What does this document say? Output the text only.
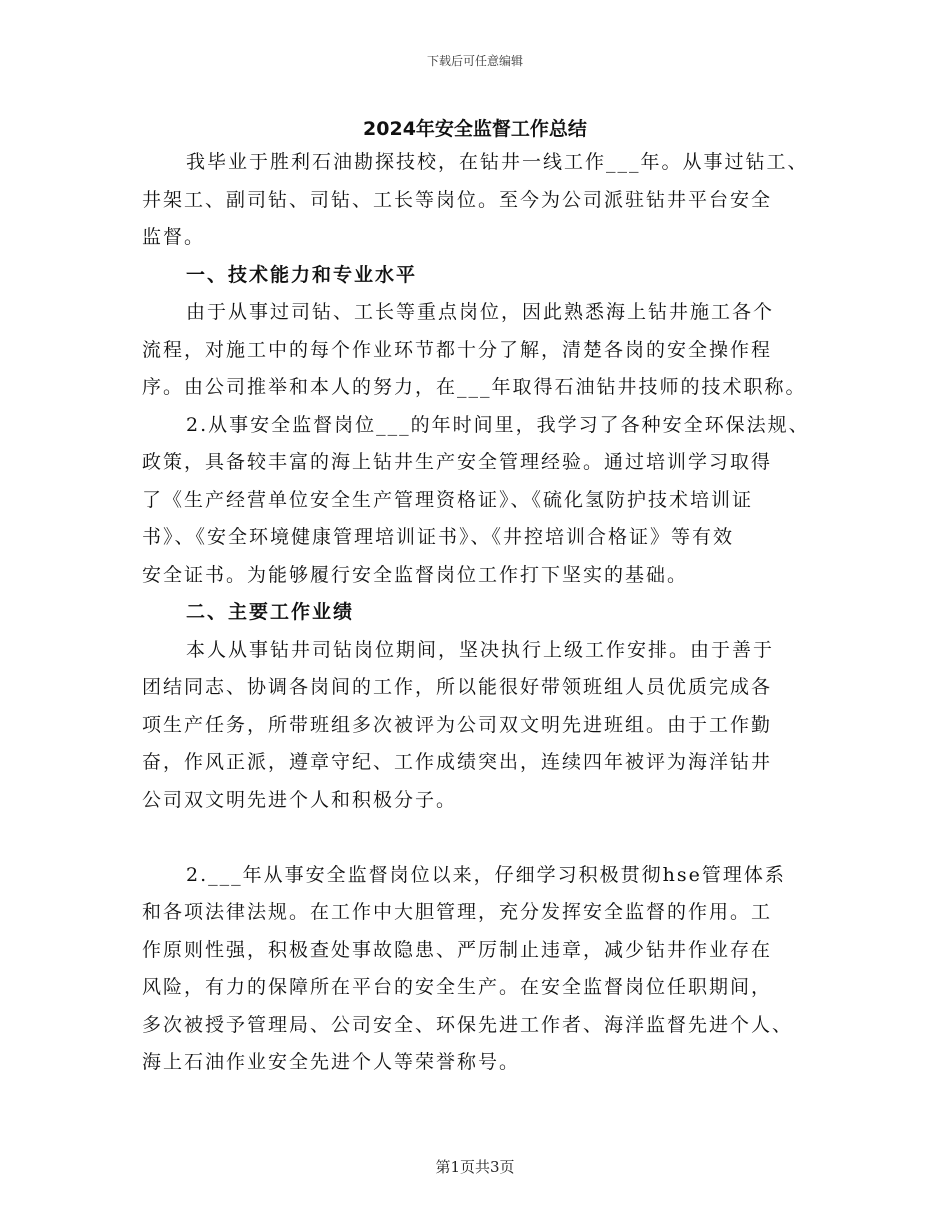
下载后可任意编辑
2024年安全监督工作总结
我毕业于胜利石油勘探技校，在钻井一线工作___年。从事过钻工、
井架工、副司钻、司钻、工长等岗位。至今为公司派驻钻井平台安全
监督。
一、技术能力和专业水平
由于从事过司钻、工长等重点岗位，因此熟悉海上钻井施工各个
流程，对施工中的每个作业环节都十分了解，清楚各岗的安全操作程
序。由公司推举和本人的努力，在___年取得石油钻井技师的技术职称。
2.从事安全监督岗位___的年时间里，我学习了各种安全环保法规、
政策，具备较丰富的海上钻井生产安全管理经验。通过培训学习取得
了《生产经营单位安全生产管理资格证》、《硫化氢防护技术培训证
书》、《安全环境健康管理培训证书》、《井控培训合格证》等有效
安全证书。为能够履行安全监督岗位工作打下坚实的基础。
二、主要工作业绩
本人从事钻井司钻岗位期间，坚决执行上级工作安排。由于善于
团结同志、协调各岗间的工作，所以能很好带领班组人员优质完成各
项生产任务，所带班组多次被评为公司双文明先进班组。由于工作勤
奋，作风正派，遵章守纪、工作成绩突出，连续四年被评为海洋钻井
公司双文明先进个人和积极分子。
2.___年从事安全监督岗位以来，仔细学习积极贯彻hse管理体系
和各项法律法规。在工作中大胆管理，充分发挥安全监督的作用。工
作原则性强，积极查处事故隐患、严厉制止违章，减少钻井作业存在
风险，有力的保障所在平台的安全生产。在安全监督岗位任职期间，
多次被授予管理局、公司安全、环保先进工作者、海洋监督先进个人、
海上石油作业安全先进个人等荣誉称号。
第1页共3页
